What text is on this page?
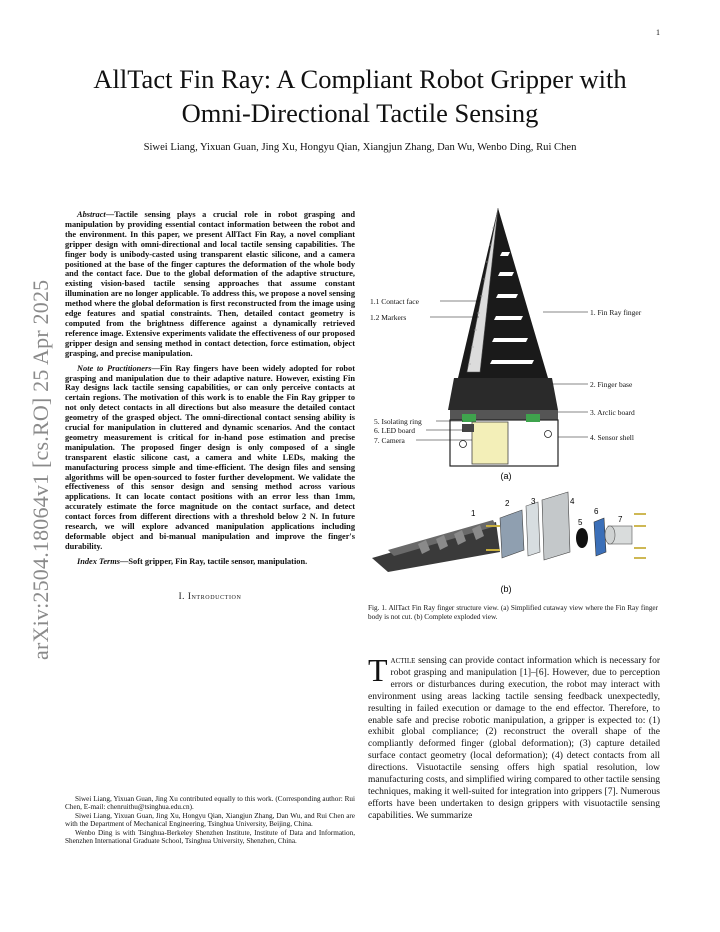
1
arXiv:2504.18064v1 [cs.RO] 25 Apr 2025
AllTact Fin Ray: A Compliant Robot Gripper with
Omni-Directional Tactile Sensing
Siwei Liang, Yixuan Guan, Jing Xu, Hongyu Qian, Xiangjun Zhang, Dan Wu, Wenbo Ding, Rui Chen

Abstract—Tactile sensing plays a crucial role in robot grasping and manipulation by providing essential contact information between the robot and the environment. In this paper, we present AllTact Fin Ray, a novel compliant gripper design with omni-directional and local tactile sensing capabilities. The finger body is unibody-casted using transparent elastic silicone, and a camera positioned at the base of the finger captures the deformation of the whole body and the contact face. Due to the global deformation of the adaptive structure, existing vision-based tactile sensing approaches that assume constant illumination are no longer applicable. To address this, we propose a novel sensing method where the global deformation is first reconstructed from the image using edge features and spatial constraints. Then, detailed contact geometry is computed from the brightness difference against a dynamically retrieved reference image. Extensive experiments validate the effectiveness of our proposed gripper design and sensing method in contact detection, force estimation, object grasping, and precise manipulation.

Note to Practitioners—Fin Ray fingers have been widely adopted for robot grasping and manipulation due to their adaptive nature. However, existing Fin Ray designs lack tactile sensing capabilities, or can only perceive contacts at certain regions. The motivation of this work is to enable the Fin Ray gripper to not only detect contacts in all directions but also measure the detailed contact geometry of the grasped object. The omni-directional contact sensing ability is crucial for manipulation in cluttered and dynamic scenarios. And the contact geometry measurement is critical for in-hand pose estimation and precise manipulation. The proposed finger design is only composed of a single transparent elastic silicone cast, a camera and white LEDs, making the manufacturing process simple and time-efficient. The design files and sensing algorithms will be open-sourced to foster further development. We validate the effectiveness of this sensor design and sensing method across various applications. It can locate contact positions with an error less than 1mm, accurately estimate the force magnitude on the contact surface, and detect contact forces from different directions with a threshold below 2 N. In future research, we will explore advanced manipulation applications including deformable object and bi-manual manipulation and improve the finger's durability.

Index Terms—Soft gripper, Fin Ray, tactile sensor, manipulation.

I. Introduction

Siwei Liang, Yixuan Guan, Jing Xu contributed equally to this work. (Corresponding author: Rui Chen, E-mail: chenruithu@tsinghua.edu.cn).

Siwei Liang, Yixuan Guan, Jing Xu, Hongyu Qian, Xiangjun Zhang, Dan Wu, and Rui Chen are with the Department of Mechanical Engineering, Tsinghua University, Beijing, China.

Wenbo Ding is with Tsinghua-Berkeley Shenzhen Institute, Institute of Data and Information, Shenzhen International Graduate School, Tsinghua University, Shenzhen, China.

1.1 Contact face
1.2 Markers
1. Fin Ray finger
2. Finger base
3. Arclic board
5. Isolating ring
6. LED board
7. Camera	4. Sensor shell
(a)
1
2	3	4
5
6
7
(b)
Fig. 1. AllTact Fin Ray finger structure view. (a) Simplified cutaway view where the Fin Ray finger body is not cut. (b) Complete exploded view.
Tactile sensing can provide contact information which is necessary for robot grasping and manipulation [1]–[6]. However, due to perception errors or disturbances during execution, the robot may interact with environment using areas lacking tactile sensing feedback unexpectedly, resulting in failed execution or damage to the end effector. Therefore, to enable safe and precise robotic manipulation, a gripper is expected to: (1) exhibit global compliance; (2) reconstruct the overall shape of the compliantly deformed finger (global deformation); (3) capture detailed surface contact geometry (local deformation); (4) detect contacts from all directions. Visuotactile sensing offers high spatial resolution, low manufacturing costs, and simplified wiring compared to other tactile sensing techniques, making it well-suited for integration into grippers [7]. Numerous efforts have been undertaken to design grippers with visuotactile sensing capabilities. We summarize
